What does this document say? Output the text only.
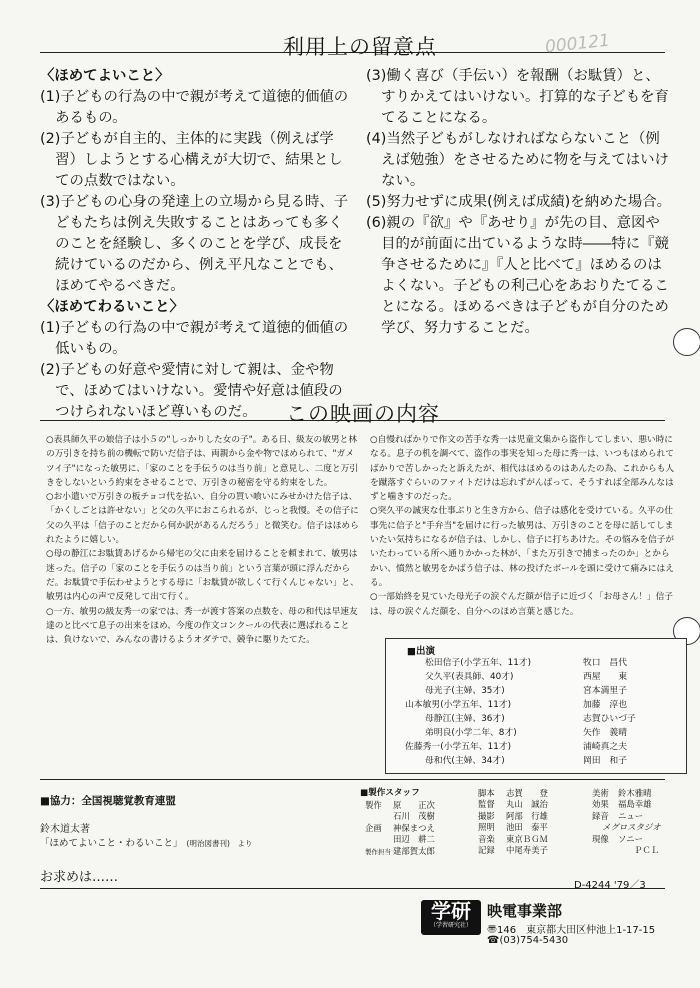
利用上の留意点	000121

〈ほめてよいこと〉

(1)子どもの行為の中で親が考えて道徳的価値のあるもの。

(2)子どもが自主的、主体的に実践（例えば学習）しようとする心構えが大切で、結果としての点数ではない。

(3)子どもの心身の発達上の立場から見る時、子どもたちは例え失敗することはあっても多くのことを経験し、多くのことを学び、成長を続けているのだから、例え平凡なことでも、ほめてやるべきだ。

〈ほめてわるいこと〉

(1)子どもの行為の中で親が考えて道徳的価値の低いもの。

(2)子どもの好意や愛情に対して親は、金や物で、ほめてはいけない。愛情や好意は値段のつけられないほど尊いものだ。

(3)働く喜び（手伝い）を報酬（お駄賃）と、すりかえてはいけない。打算的な子どもを育てることになる。

(4)当然子どもがしなければならないこと（例えば勉強）をさせるために物を与えてはいけない。

(5)努力せずに成果(例えば成績)を納めた場合。

(6)親の『欲』や『あせり』が先の目、意図や目的が前面に出ているような時――特に『競争させるために』『人と比べて』ほめるのはよくない。子どもの利己心をあおりたてることになる。ほめるべきは子どもが自分のため学び、努力することだ。

この映画の内容

○表具師久平の娘信子は小５の"しっかりした女の子"。ある日、級友の敏男と林の万引きを持ち前の機転で防いだ信子は、両親から金や物でほめられて、"ガメツイ子"になった敏男に、「家のことを手伝うのは当り前」と意見し、二度と万引きをしないという約束をさせることで、万引きの秘密を守る約束をした。

○お小遣いで万引きの板チョコ代を払い、自分の買い喰いにみせかけた信子は、「かくしごとは許せない」と父の久平におこられるが、じっと我慢。その信子に父の久平は「信子のことだから何か訳があるんだろう」と微笑む。信子はほめられたように嬉しい。

○母の静江にお駄賃あげるから帰宅の父に由来を届けることを頼まれて、敏男は迷った。信子の「家のことを手伝うのは当り前」という言葉が頭に浮んだからだ。お駄賃で手伝わせようとする母に「お駄賃が欲しくて行くんじゃない」と、敏男は内心の声で反発して出て行く。

○一方、敏男の級友秀一の家では、秀一が渡す答案の点数を、母の和代は早速友達のと比べて息子の出来をほめ、今度の作文コンクールの代表に選ばれることは、負けないで、みんなの書けるようオダテで、競争に駆りたてた。

○自慢ればかりで作文の苦手な秀一は児童文集から盗作してしまい、悪い時になる。息子の机を調べて、盗作の事実を知った母に秀一は、いつもほめられてばかりで苦しかったと訴えたが、相代はほめるのはあんたの為、これからも人を蹴落すぐらいのファイトだけは忘れずがんばって、そうすれば全部みんなはずと噛きすのだった。

○突久平の誠実な仕事ぶりと生き方から、信子は感化を受けている。久平の仕事先に信子と"手弁当"を届けに行った敏男は、万引きのことを母に話してしまいたい気持ちになるが信子は、しかし、信子に打ちあけた。その悩みを信子がいたわっている所へ通りかかった林が、「また万引きで捕まったのか」とからかい、憤然と敏男をかばう信子は、林の投げたボールを頭に受けて痛みにはえる。

○一部始終を見ていた母光子の涙ぐんだ顔が信子に近づく「お母さん！」信子は、母の涙ぐんだ顔を、自分へのほめ言葉と感じた。

■出演
松田信子(小学五年、11才)	牧口　昌代
父久平(表具師、40才)	西屋　　東
母光子(主婦、35才)	宮本満里子
山本敏男(小学五年、11才)	加藤　淳也
母静江(主婦、36才)	志賀ひいづ子
弟明良(小学二年、8才)	矢作　義晴
佐藤秀一(小学五年、11才)	浦崎真之夫
母和代(主婦、34才)	岡田　和子
■協力：全国視聴覚教育連盟
鈴木道太著
「ほめてよいこと・わるいこと」 (明治図書刊)　より
■製作スタッフ
製作 原　　正次
石川　茂樹
企画 神保まつえ
田辺　耕二
製作担当 建部賀太郎
脚本 志賀　　登
監督 丸山　誠治
撮影 阿部　行雄
照明 池田　泰平
音楽 東京ＢＧＭ
記録 中尾寿美子
美術 鈴木雅晴
効果 福島幸雄
録音 ニュー
メグロスタジオ
現像 ソニー
ＰＣＬ
D-4244 '79／3
お求めは……
学研
（学習研究社）
映電事業部
〠146　東京都大田区仲池上1-17-15
☎(03)754-5430
